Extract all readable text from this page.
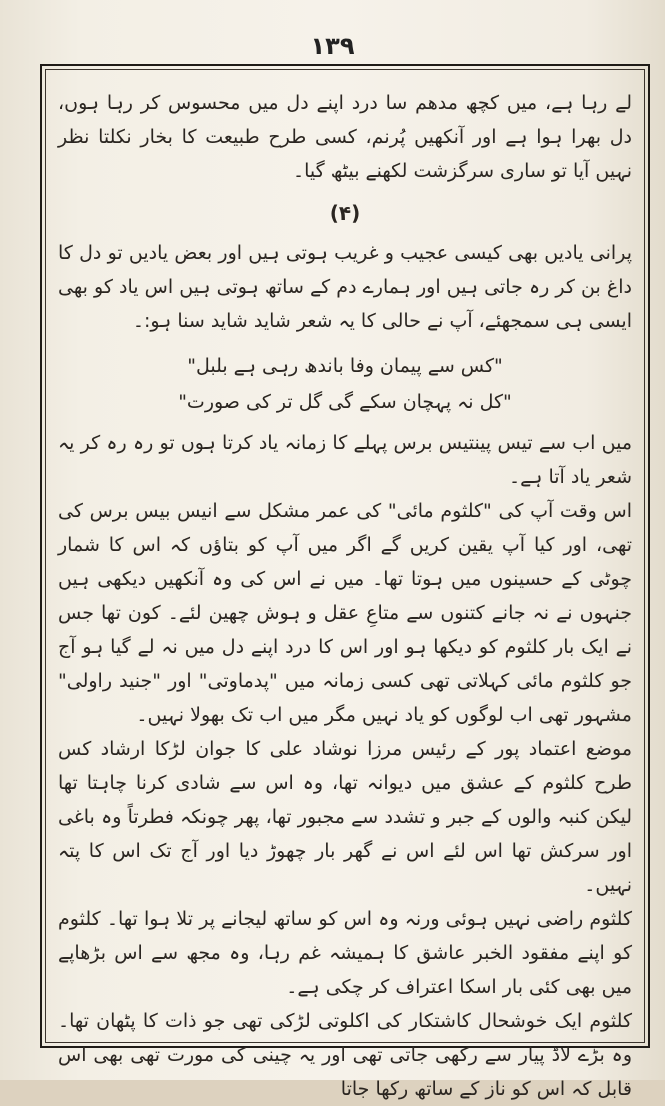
۱۳۹

لے رہا ہے، میں کچھ مدھم سا درد اپنے دل میں محسوس کر رہا ہوں، دل بھرا ہوا ہے اور آنکھیں پُرنم، کسی طرح طبیعت کا بخار نکلتا نظر نہیں آیا تو ساری سرگزشت لکھنے بیٹھ گیا۔

(۴)

پرانی یادیں بھی کیسی عجیب و غریب ہوتی ہیں اور بعض یادیں تو دل کا داغ بن کر رہ جاتی ہیں اور ہمارے دم کے ساتھ ہوتی ہیں اس یاد کو بھی ایسی ہی سمجھئے، آپ نے حالی کا یہ شعر شاید شاید سنا ہو:۔

"کس سے پیمان وفا باندھ رہی ہے بلبل"
"کل نہ پہچان سکے گی گل تر کی صورت"

میں اب سے تیس پینتیس برس پہلے کا زمانہ یاد کرتا ہوں تو رہ رہ کر یہ شعر یاد آتا ہے۔

اس وقت آپ کی "کلثوم مائی" کی عمر مشکل سے انیس بیس برس کی تھی، اور کیا آپ یقین کریں گے اگر میں آپ کو بتاؤں کہ اس کا شمار چوٹی کے حسینوں میں ہوتا تھا۔ میں نے اس کی وہ آنکھیں دیکھی ہیں جنہوں نے نہ جانے کتنوں سے متاعِ عقل و ہوش چھین لئے۔ کون تھا جس نے ایک بار کلثوم کو دیکھا ہو اور اس کا درد اپنے دل میں نہ لے گیا ہو آج جو کلثوم مائی کہلاتی تھی کسی زمانہ میں "پدماوتی" اور "جنید راولی" مشہور تھی اب لوگوں کو یاد نہیں مگر میں اب تک بھولا نہیں۔

موضع اعتماد پور کے رئیس مرزا نوشاد علی کا جوان لڑکا ارشاد کس طرح کلثوم کے عشق میں دیوانہ تھا، وہ اس سے شادی کرنا چاہتا تھا لیکن کنبہ والوں کے جبر و تشدد سے مجبور تھا، پھر چونکہ فطرتاً وہ باغی اور سرکش تھا اس لئے اس نے گھر بار چھوڑ دیا اور آج تک اس کا پتہ نہیں۔

کلثوم راضی نہیں ہوئی ورنہ وہ اس کو ساتھ لیجانے پر تلا ہوا تھا۔ کلثوم کو اپنے مفقود الخبر عاشق کا ہمیشہ غم رہا، وہ مجھ سے اس بڑھاپے میں بھی کئی بار اسکا اعتراف کر چکی ہے۔

کلثوم ایک خوشحال کاشتکار کی اکلوتی لڑکی تھی جو ذات کا پٹھان تھا۔ وہ بڑے لاڈ پیار سے رکھی جاتی تھی اور یہ چینی کی مورت تھی بھی اس قابل کہ اس کو ناز کے ساتھ رکھا جاتا
